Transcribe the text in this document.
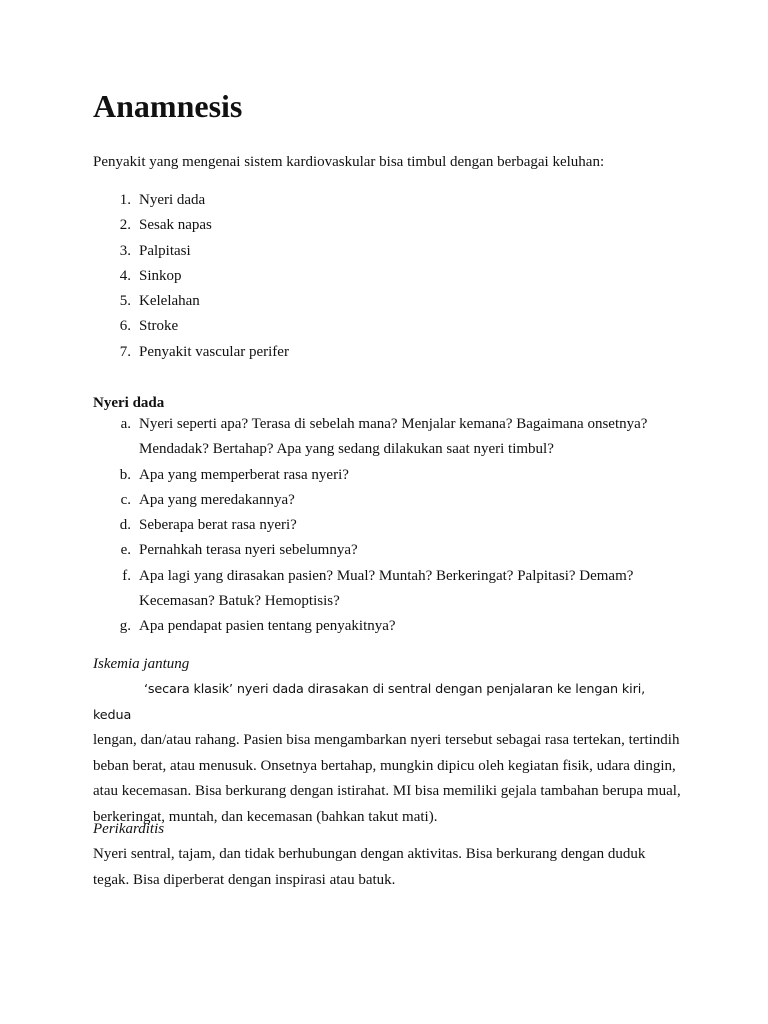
Anamnesis

Penyakit yang mengenai sistem kardiovaskular bisa timbul dengan berbagai keluhan:

1. Nyeri dada
2. Sesak napas
3. Palpitasi
4. Sinkop
5. Kelelahan
6. Stroke
7. Penyakit vascular perifer

Nyeri dada

a. Nyeri seperti apa? Terasa di sebelah mana? Menjalar kemana? Bagaimana onsetnya? Mendadak? Bertahap? Apa yang sedang dilakukan saat nyeri timbul?
b. Apa yang memperberat rasa nyeri?
c. Apa yang meredakannya?
d. Seberapa berat rasa nyeri?
e. Pernahkah terasa nyeri sebelumnya?
f. Apa lagi yang dirasakan pasien? Mual? Muntah? Berkeringat? Palpitasi? Demam? Kecemasan? Batuk? Hemoptisis?
g. Apa pendapat pasien tentang penyakitnya?

Iskemia jantung

‘secara klasik’ nyeri dada dirasakan di sentral dengan penjalaran ke lengan kiri, kedua
lengan, dan/atau rahang. Pasien bisa mengambarkan nyeri tersebut sebagai rasa tertekan, tertindih beban berat, atau menusuk. Onsetnya bertahap, mungkin dipicu oleh kegiatan fisik, udara dingin, atau kecemasan. Bisa berkurang dengan istirahat. MI bisa memiliki gejala tambahan berupa mual, berkeringat, muntah, dan kecemasan (bahkan takut mati).

Perikarditis

Nyeri sentral, tajam, dan tidak berhubungan dengan aktivitas. Bisa berkurang dengan duduk tegak. Bisa diperberat dengan inspirasi atau batuk.
